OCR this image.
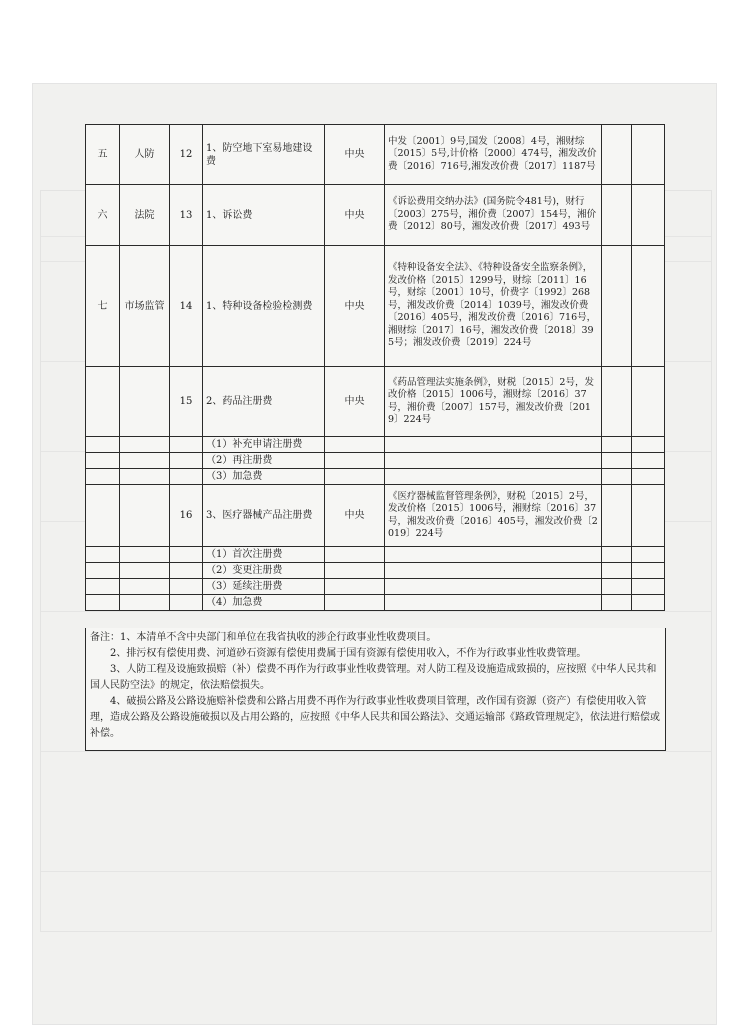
五	人防	12	1、防空地下室易地建设费	中央	中发〔2001〕9号,国发〔2008〕4号，湘财综〔2015〕5号,计价格〔2000〕474号，湘发改价费〔2016〕716号,湘发改价费〔2017〕1187号		
六	法院	13	1、诉讼费	中央	《诉讼费用交纳办法》(国务院令481号)，财行〔2003〕275号，湘价费〔2007〕154号，湘价费〔2012〕80号，湘发改价费〔2017〕493号		
七	市场监管	14	1、特种设备检验检测费	中央	《特种设备安全法》、《特种设备安全监察条例》，发改价格〔2015〕1299号，财综〔2011〕16号，财综〔2001〕10号，价费字〔1992〕268号，湘发改价费〔2014〕1039号，湘发改价费〔2016〕405号，湘发改价费〔2016〕716号，湘财综〔2017〕16号，湘发改价费〔2018〕395号；湘发改价费〔2019〕224号		
		15	2、药品注册费	中央	《药品管理法实施条例》，财税〔2015〕2号，发改价格〔2015〕1006号，湘财综〔2016〕37号，湘价费〔2007〕157号，湘发改价费〔2019〕224号		
			（1）补充申请注册费				
			（2）再注册费				
			（3）加急费				
		16	3、医疗器械产品注册费	中央	《医疗器械监督管理条例》，财税〔2015〕2号，发改价格〔2015〕1006号，湘财综〔2016〕37号，湘发改价费〔2016〕405号，湘发改价费〔2019〕224号		
			（1）首次注册费				
			（2）变更注册费				
			（3）延续注册费				
			（4）加急费				

备注：1、本清单不含中央部门和单位在我省执收的涉企行政事业性收费项目。

2、排污权有偿使用费、河道砂石资源有偿使用费属于国有资源有偿使用收入，不作为行政事业性收费管理。

3、人防工程及设施致损赔（补）偿费不再作为行政事业性收费管理。对人防工程及设施造成致损的，应按照《中华人民共和国人民防空法》的规定，依法赔偿损失。

4、破损公路及公路设施赔补偿费和公路占用费不再作为行政事业性收费项目管理，改作国有资源（资产）有偿使用收入管理，造成公路及公路设施破损以及占用公路的，应按照《中华人民共和国公路法》、交通运输部《路政管理规定》，依法进行赔偿或补偿。
